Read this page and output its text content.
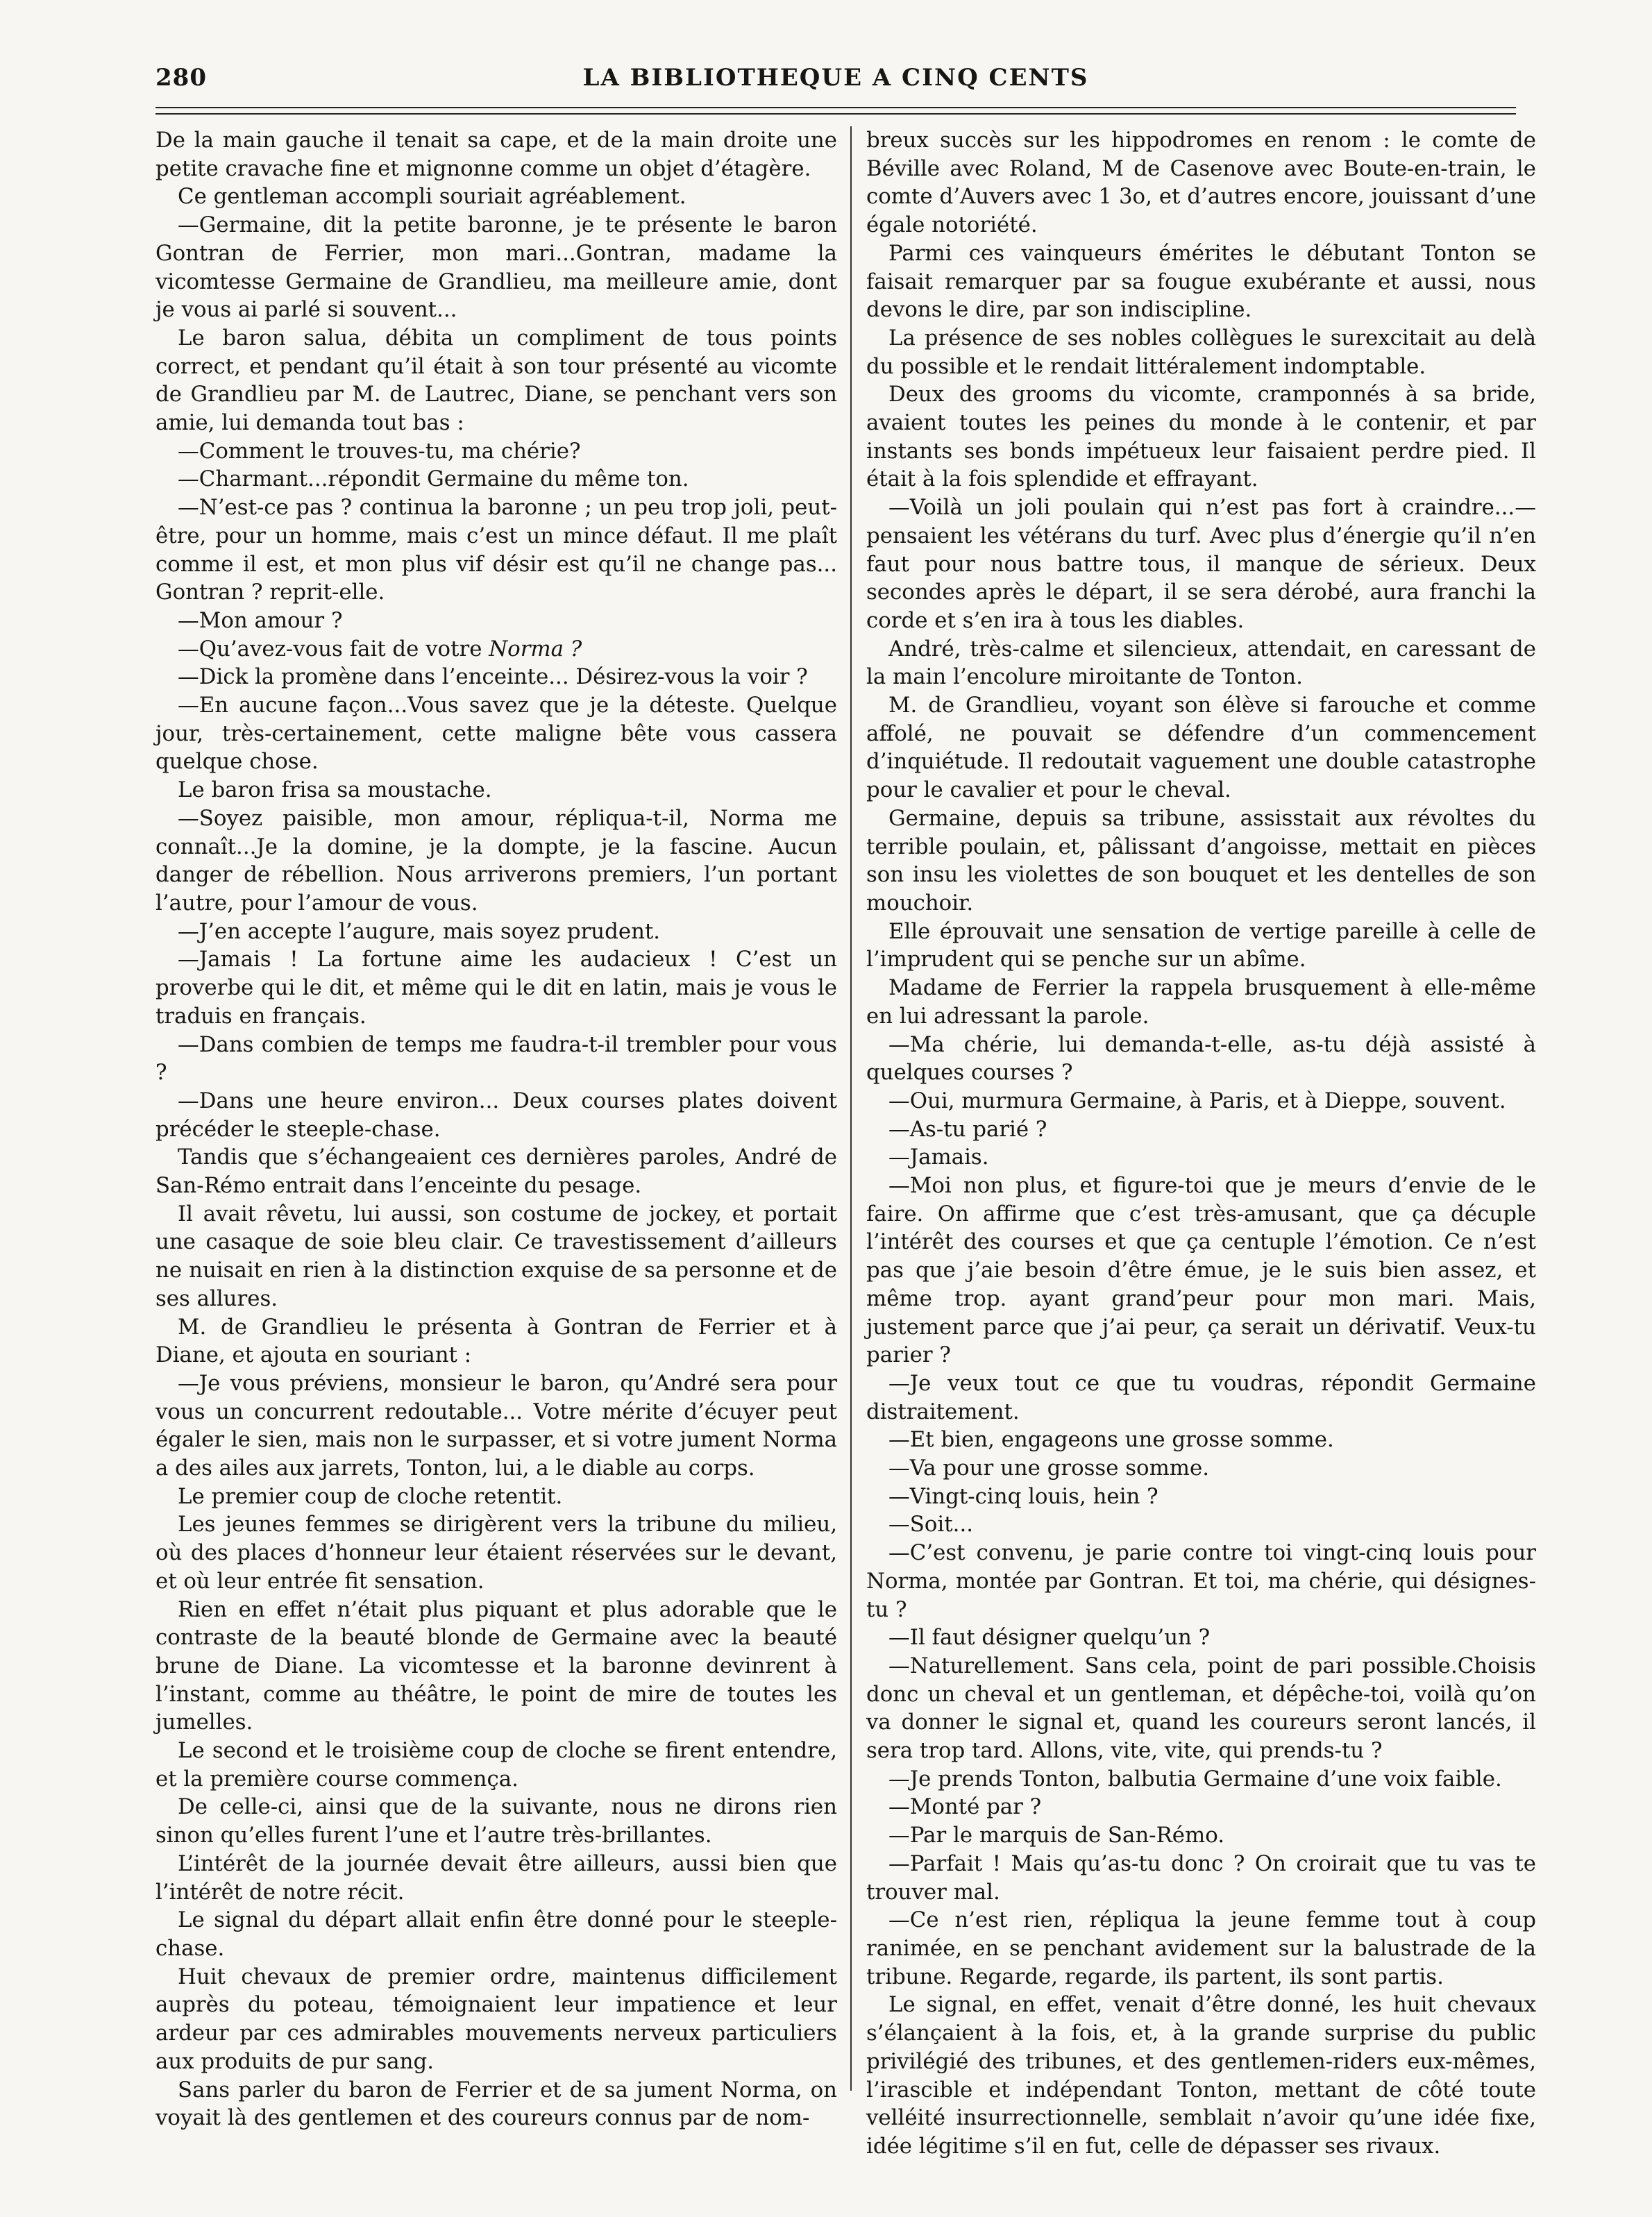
280	LA BIBLIOTHEQUE A CINQ CENTS

De la main gauche il tenait sa cape, et de la main droite une petite cravache fine et mignonne comme un objet d’étagère.

Ce gentleman accompli souriait agréablement.

—Germaine, dit la petite baronne, je te présente le baron Gontran de Ferrier, mon mari...Gontran, madame la vicomtesse Germaine de Grandlieu, ma meilleure amie, dont je vous ai parlé si souvent...

Le baron salua, débita un compliment de tous points correct, et pendant qu’il était à son tour présenté au vicomte de Grandlieu par M. de Lautrec, Diane, se penchant vers son amie, lui demanda tout bas :

—Comment le trouves-tu, ma chérie?

—Charmant...répondit Germaine du même ton.

—N’est-ce pas ? continua la baronne ; un peu trop joli, peut-être, pour un homme, mais c’est un mince défaut. Il me plaît comme il est, et mon plus vif désir est qu’il ne change pas... Gontran ? reprit-elle.

—Mon amour ?

—Qu’avez-vous fait de votre Norma ?

—Dick la promène dans l’enceinte... Désirez-vous la voir ?

—En aucune façon...Vous savez que je la déteste. Quelque jour, très-certainement, cette maligne bête vous cassera quelque chose.

Le baron frisa sa moustache.

—Soyez paisible, mon amour, répliqua-t-il, Norma me connaît...Je la domine, je la dompte, je la fascine. Aucun danger de rébellion. Nous arriverons premiers, l’un portant l’autre, pour l’amour de vous.

—J’en accepte l’augure, mais soyez prudent.

—Jamais ! La fortune aime les audacieux ! C’est un proverbe qui le dit, et même qui le dit en latin, mais je vous le traduis en français.

—Dans combien de temps me faudra-t-il trembler pour vous ?

—Dans une heure environ... Deux courses plates doivent précéder le steeple-chase.

Tandis que s’échangeaient ces dernières paroles, André de San-Rémo entrait dans l’enceinte du pesage.

Il avait rêvetu, lui aussi, son costume de jockey, et portait une casaque de soie bleu clair. Ce travestissement d’ailleurs ne nuisait en rien à la distinction exquise de sa personne et de ses allures.

M. de Grandlieu le présenta à Gontran de Ferrier et à Diane, et ajouta en souriant :

—Je vous préviens, monsieur le baron, qu’André sera pour vous un concurrent redoutable... Votre mérite d’écuyer peut égaler le sien, mais non le surpasser, et si votre jument Norma a des ailes aux jarrets, Tonton, lui, a le diable au corps.

Le premier coup de cloche retentit.

Les jeunes femmes se dirigèrent vers la tribune du milieu, où des places d’honneur leur étaient réservées sur le devant, et où leur entrée fit sensation.

Rien en effet n’était plus piquant et plus adorable que le contraste de la beauté blonde de Germaine avec la beauté brune de Diane. La vicomtesse et la baronne devinrent à l’instant, comme au théâtre, le point de mire de toutes les jumelles.

Le second et le troisième coup de cloche se firent entendre, et la première course commença.

De celle-ci, ainsi que de la suivante, nous ne dirons rien sinon qu’elles furent l’une et l’autre très-brillantes.

L’intérêt de la journée devait être ailleurs, aussi bien que l’intérêt de notre récit.

Le signal du départ allait enfin être donné pour le steeple-chase.

Huit chevaux de premier ordre, maintenus difficilement auprès du poteau, témoignaient leur impatience et leur ardeur par ces admirables mouvements nerveux particuliers aux produits de pur sang.

Sans parler du baron de Ferrier et de sa jument Norma, on voyait là des gentlemen et des coureurs connus par de nom-

breux succès sur les hippodromes en renom : le comte de Béville avec Roland, M de Casenove avec Boute-en-train, le comte d’Auvers avec 1 3o, et d’autres encore, jouissant d’une égale notoriété.

Parmi ces vainqueurs émérites le débutant Tonton se faisait remarquer par sa fougue exubérante et aussi, nous devons le dire, par son indiscipline.

La présence de ses nobles collègues le surexcitait au delà du possible et le rendait littéralement indomptable.

Deux des grooms du vicomte, cramponnés à sa bride, avaient toutes les peines du monde à le contenir, et par instants ses bonds impétueux leur faisaient perdre pied. Il était à la fois splendide et effrayant.

—Voilà un joli poulain qui n’est pas fort à craindre...— pensaient les vétérans du turf. Avec plus d’énergie qu’il n’en faut pour nous battre tous, il manque de sérieux. Deux secondes après le départ, il se sera dérobé, aura franchi la corde et s’en ira à tous les diables.

André, très-calme et silencieux, attendait, en caressant de la main l’encolure miroitante de Tonton.

M. de Grandlieu, voyant son élève si farouche et comme affolé, ne pouvait se défendre d’un commencement d’inquiétude. Il redoutait vaguement une double catastrophe pour le cavalier et pour le cheval.

Germaine, depuis sa tribune, assisstait aux révoltes du terrible poulain, et, pâlissant d’angoisse, mettait en pièces son insu les violettes de son bouquet et les dentelles de son mouchoir.

Elle éprouvait une sensation de vertige pareille à celle de l’imprudent qui se penche sur un abîme.

Madame de Ferrier la rappela brusquement à elle-même en lui adressant la parole.

—Ma chérie, lui demanda-t-elle, as-tu déjà assisté à quelques courses ?

—Oui, murmura Germaine, à Paris, et à Dieppe, souvent.

—As-tu parié ?

—Jamais.

—Moi non plus, et figure-toi que je meurs d’envie de le faire. On affirme que c’est très-amusant, que ça décuple l’intérêt des courses et que ça centuple l’émotion. Ce n’est pas que j’aie besoin d’être émue, je le suis bien assez, et même trop. ayant grand’peur pour mon mari. Mais, justement parce que j’ai peur, ça serait un dérivatif. Veux-tu parier ?

—Je veux tout ce que tu voudras, répondit Germaine distraitement.

—Et bien, engageons une grosse somme.

—Va pour une grosse somme.

—Vingt-cinq louis, hein ?

—Soit...

—C’est convenu, je parie contre toi vingt-cinq louis pour Norma, montée par Gontran. Et toi, ma chérie, qui désignes-tu ?

—Il faut désigner quelqu’un ?

—Naturellement. Sans cela, point de pari possible.Choisis donc un cheval et un gentleman, et dépêche-toi, voilà qu’on va donner le signal et, quand les coureurs seront lancés, il sera trop tard. Allons, vite, vite, qui prends-tu ?

—Je prends Tonton, balbutia Germaine d’une voix faible.

—Monté par ?

—Par le marquis de San-Rémo.

—Parfait ! Mais qu’as-tu donc ? On croirait que tu vas te trouver mal.

—Ce n’est rien, répliqua la jeune femme tout à coup ranimée, en se penchant avidement sur la balustrade de la tribune. Regarde, regarde, ils partent, ils sont partis.

Le signal, en effet, venait d’être donné, les huit chevaux s’élançaient à la fois, et, à la grande surprise du public privilégié des tribunes, et des gentlemen-riders eux-mêmes, l’irascible et indépendant Tonton, mettant de côté toute velléité insurrectionnelle, semblait n’avoir qu’une idée fixe, idée légitime s’il en fut, celle de dépasser ses rivaux.
